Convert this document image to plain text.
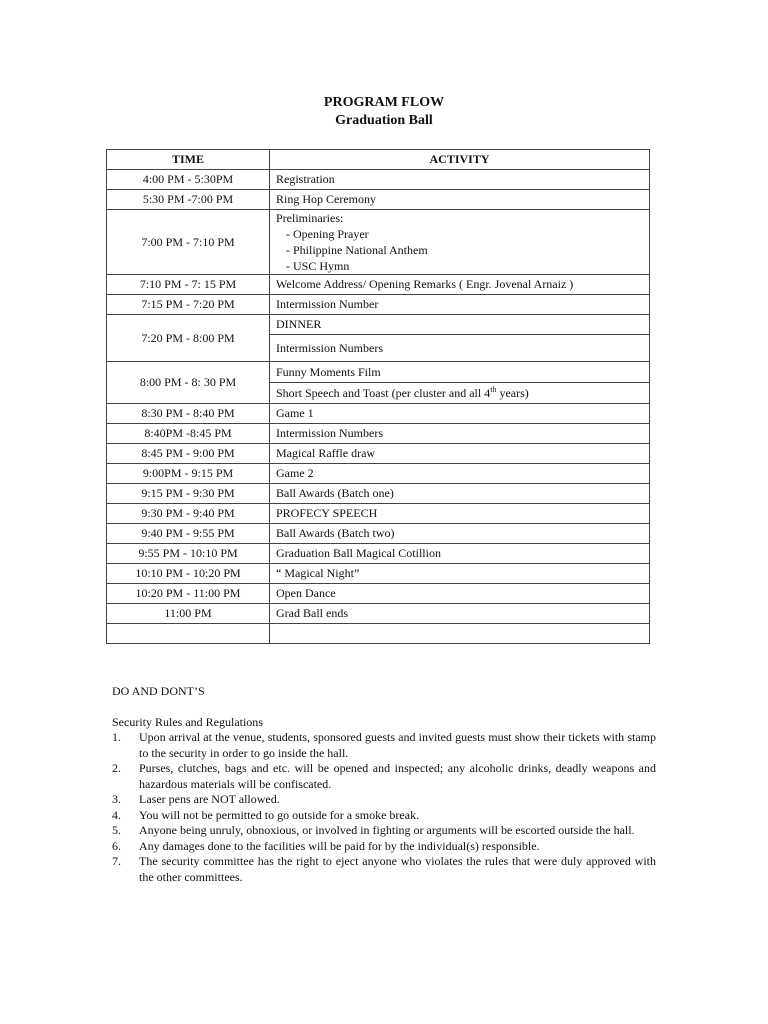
PROGRAM FLOW
Graduation Ball
TIME	ACTIVITY
4:00 PM - 5:30PM	Registration
5:30 PM -7:00 PM	Ring Hop Ceremony
7:00 PM - 7:10 PM	Preliminaries:
- Opening Prayer
- Philippine National Anthem
- USC Hymn

7:10 PM - 7: 15 PM	Welcome Address/ Opening Remarks ( Engr. Jovenal Arnaiz )
7:15 PM - 7:20 PM	Intermission Number
7:20 PM - 8:00 PM	DINNER
	Intermission Numbers
8:00 PM - 8: 30 PM	Funny Moments Film
	Short Speech and Toast (per cluster and all 4th years)
8:30 PM - 8:40 PM	Game 1
8:40PM -8:45 PM	Intermission Numbers
8:45 PM - 9:00 PM	Magical Raffle draw
9:00PM - 9:15 PM	Game 2
9:15 PM - 9:30 PM	Ball Awards (Batch one)
9:30 PM - 9:40 PM	PROFECY SPEECH
9:40 PM - 9:55 PM	Ball Awards (Batch two)
9:55 PM - 10:10 PM	Graduation Ball Magical Cotillion
10:10 PM - 10:20 PM	“ Magical Night”
10:20 PM - 11:00 PM	Open Dance
11:00 PM	Grad Ball ends

DO AND DONT’S

Security Rules and Regulations

1. Upon arrival at the venue, students, sponsored guests and invited guests must show their tickets with stamp to the security in order to go inside the hall.
2. Purses, clutches, bags and etc. will be opened and inspected; any alcoholic drinks, deadly weapons and hazardous materials will be confiscated.
3. Laser pens are NOT allowed.
4. You will not be permitted to go outside for a smoke break.
5. Anyone being unruly, obnoxious, or involved in fighting or arguments will be escorted outside the hall.
6. Any damages done to the facilities will be paid for by the individual(s) responsible.
7. The security committee has the right to eject anyone who violates the rules that were duly approved with the other committees.
